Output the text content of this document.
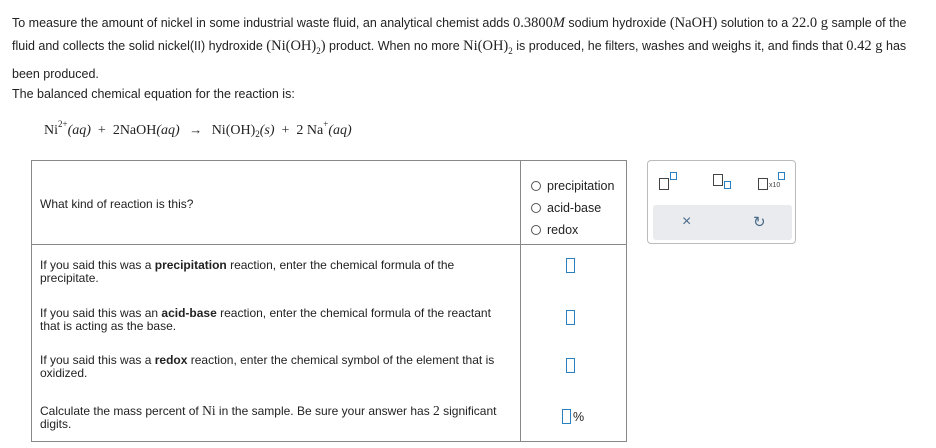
To measure the amount of nickel in some industrial waste fluid, an analytical chemist adds 0.3800M sodium hydroxide (NaOH) solution to a 22.0 g sample of the fluid and collects the solid nickel(II) hydroxide $(Ni(OH)_2)$ product. When no more $Ni(OH)_2$ is produced, he filters, washes and weighs it, and finds that 0.42 g has been produced.
The balanced chemical equation for the reaction is:
$Ni^{2+}(aq)$ + 2NaOH(aq) → $Ni(OH)_2(s) + 2$ Na+(aq)
What kind of reaction is this?
precipitation
acid-base
redox
If you said this was a precipitation reaction, enter the chemical formula of the precipitate.
If you said this was an acid-base reaction, enter the chemical formula of the reactant that is acting as the base.
If you said this was a redox reaction, enter the chemical symbol of the element that is oxidized.
Calculate the mass percent of Ni in the sample. Be sure your answer has 2 significant digits.
%
x10
×	↻
